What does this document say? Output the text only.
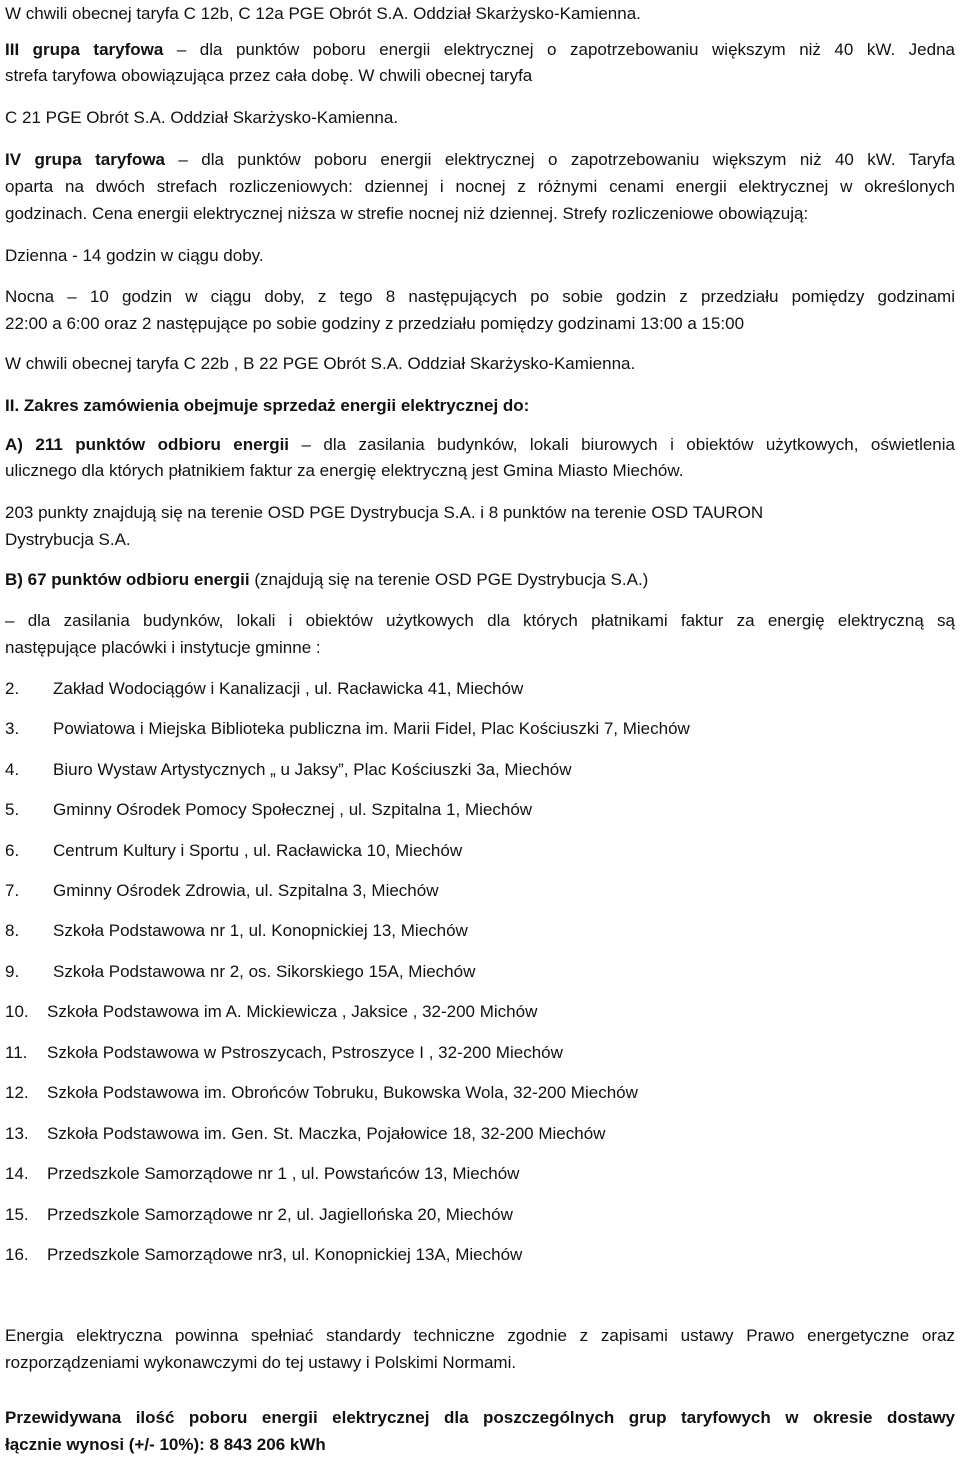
W chwili obecnej taryfa C 12b, C 12a PGE Obrót S.A. Oddział Skarżysko-Kamienna.
III grupa taryfowa – dla punktów poboru energii elektrycznej o zapotrzebowaniu większym niż 40 kW. Jedna
strefa taryfowa obowiązująca przez cała dobę. W chwili obecnej taryfa
C 21 PGE Obrót S.A. Oddział Skarżysko-Kamienna.
IV grupa taryfowa – dla punktów poboru energii elektrycznej o zapotrzebowaniu większym niż 40 kW. Taryfa
oparta na dwóch strefach rozliczeniowych: dziennej i nocnej z różnymi cenami energii elektrycznej w określonych
godzinach. Cena energii elektrycznej niższa w strefie nocnej niż dziennej. Strefy rozliczeniowe obowiązują:
Dzienna - 14 godzin w ciągu doby.
Nocna – 10 godzin w ciągu doby, z tego 8 następujących po sobie godzin z przedziału pomiędzy godzinami
22:00 a 6:00 oraz 2 następujące po sobie godziny z przedziału pomiędzy godzinami 13:00 a 15:00
W chwili obecnej taryfa C 22b , B 22 PGE Obrót S.A. Oddział Skarżysko-Kamienna.
II. Zakres zamówienia obejmuje sprzedaż energii elektrycznej do:
A) 211 punktów odbioru energii – dla zasilania budynków, lokali biurowych i obiektów użytkowych, oświetlenia
ulicznego dla których płatnikiem faktur za energię elektryczną jest Gmina Miasto Miechów.
203 punkty znajdują się na terenie OSD PGE Dystrybucja S.A. i 8 punktów na terenie OSD TAURON
Dystrybucja S.A.
B) 67 punktów odbioru energii (znajdują się na terenie OSD PGE Dystrybucja S.A.)
– dla zasilania budynków, lokali i obiektów użytkowych dla których płatnikami faktur za energię elektryczną są
następujące placówki i instytucje gminne :
2. Zakład Wodociągów i Kanalizacji , ul. Racławicka 41, Miechów
3. Powiatowa i Miejska Biblioteka publiczna im. Marii Fidel, Plac Kościuszki 7, Miechów
4. Biuro Wystaw Artystycznych „ u Jaksy”, Plac Kościuszki 3a, Miechów
5. Gminny Ośrodek Pomocy Społecznej , ul. Szpitalna 1, Miechów
6. Centrum Kultury i Sportu , ul. Racławicka 10, Miechów
7. Gminny Ośrodek Zdrowia, ul. Szpitalna 3, Miechów
8. Szkoła Podstawowa nr 1, ul. Konopnickiej 13, Miechów
9. Szkoła Podstawowa nr 2, os. Sikorskiego 15A, Miechów
10. Szkoła Podstawowa im A. Mickiewicza , Jaksice , 32-200 Michów
11. Szkoła Podstawowa w Pstroszycach, Pstroszyce I , 32-200 Miechów
12. Szkoła Podstawowa im. Obrońców Tobruku, Bukowska Wola, 32-200 Miechów
13. Szkoła Podstawowa im. Gen. St. Maczka, Pojałowice 18, 32-200 Miechów
14. Przedszkole Samorządowe nr 1 , ul. Powstańców 13, Miechów
15. Przedszkole Samorządowe nr 2, ul. Jagiellońska 20, Miechów
16. Przedszkole Samorządowe nr3, ul. Konopnickiej 13A, Miechów
Energia elektryczna powinna spełniać standardy techniczne zgodnie z zapisami ustawy Prawo energetyczne oraz
rozporządzeniami wykonawczymi do tej ustawy i Polskimi Normami.
Przewidywana ilość poboru energii elektrycznej dla poszczególnych grup taryfowych w okresie dostawy
łącznie wynosi (+/- 10%): 8 843 206 kWh
